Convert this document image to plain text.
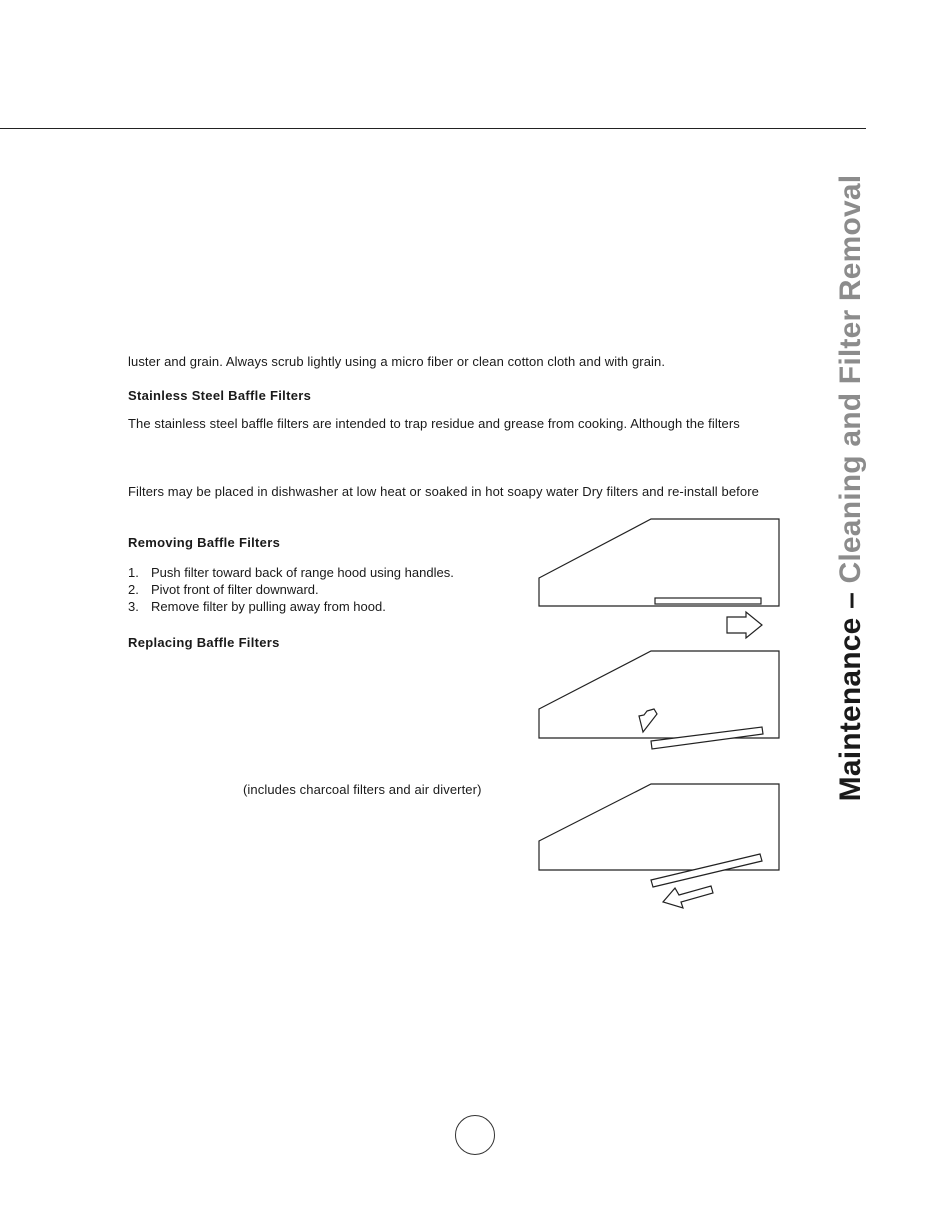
luster and grain. Always scrub lightly using a micro fiber or clean cotton cloth and with grain.
Stainless Steel Baffle Filters
The stainless steel baffle filters are intended to trap residue and grease from cooking. Although the filters
Filters may be placed in dishwasher at low heat or soaked in hot soapy water Dry filters and re-install before
Removing Baffle Filters
1. Push filter toward back of range hood using handles.
2. Pivot front of filter downward.
3. Remove filter by pulling away from hood.
Replacing Baffle Filters
(includes charcoal filters and air diverter)	Maintenance – Cleaning and Filter Removal
